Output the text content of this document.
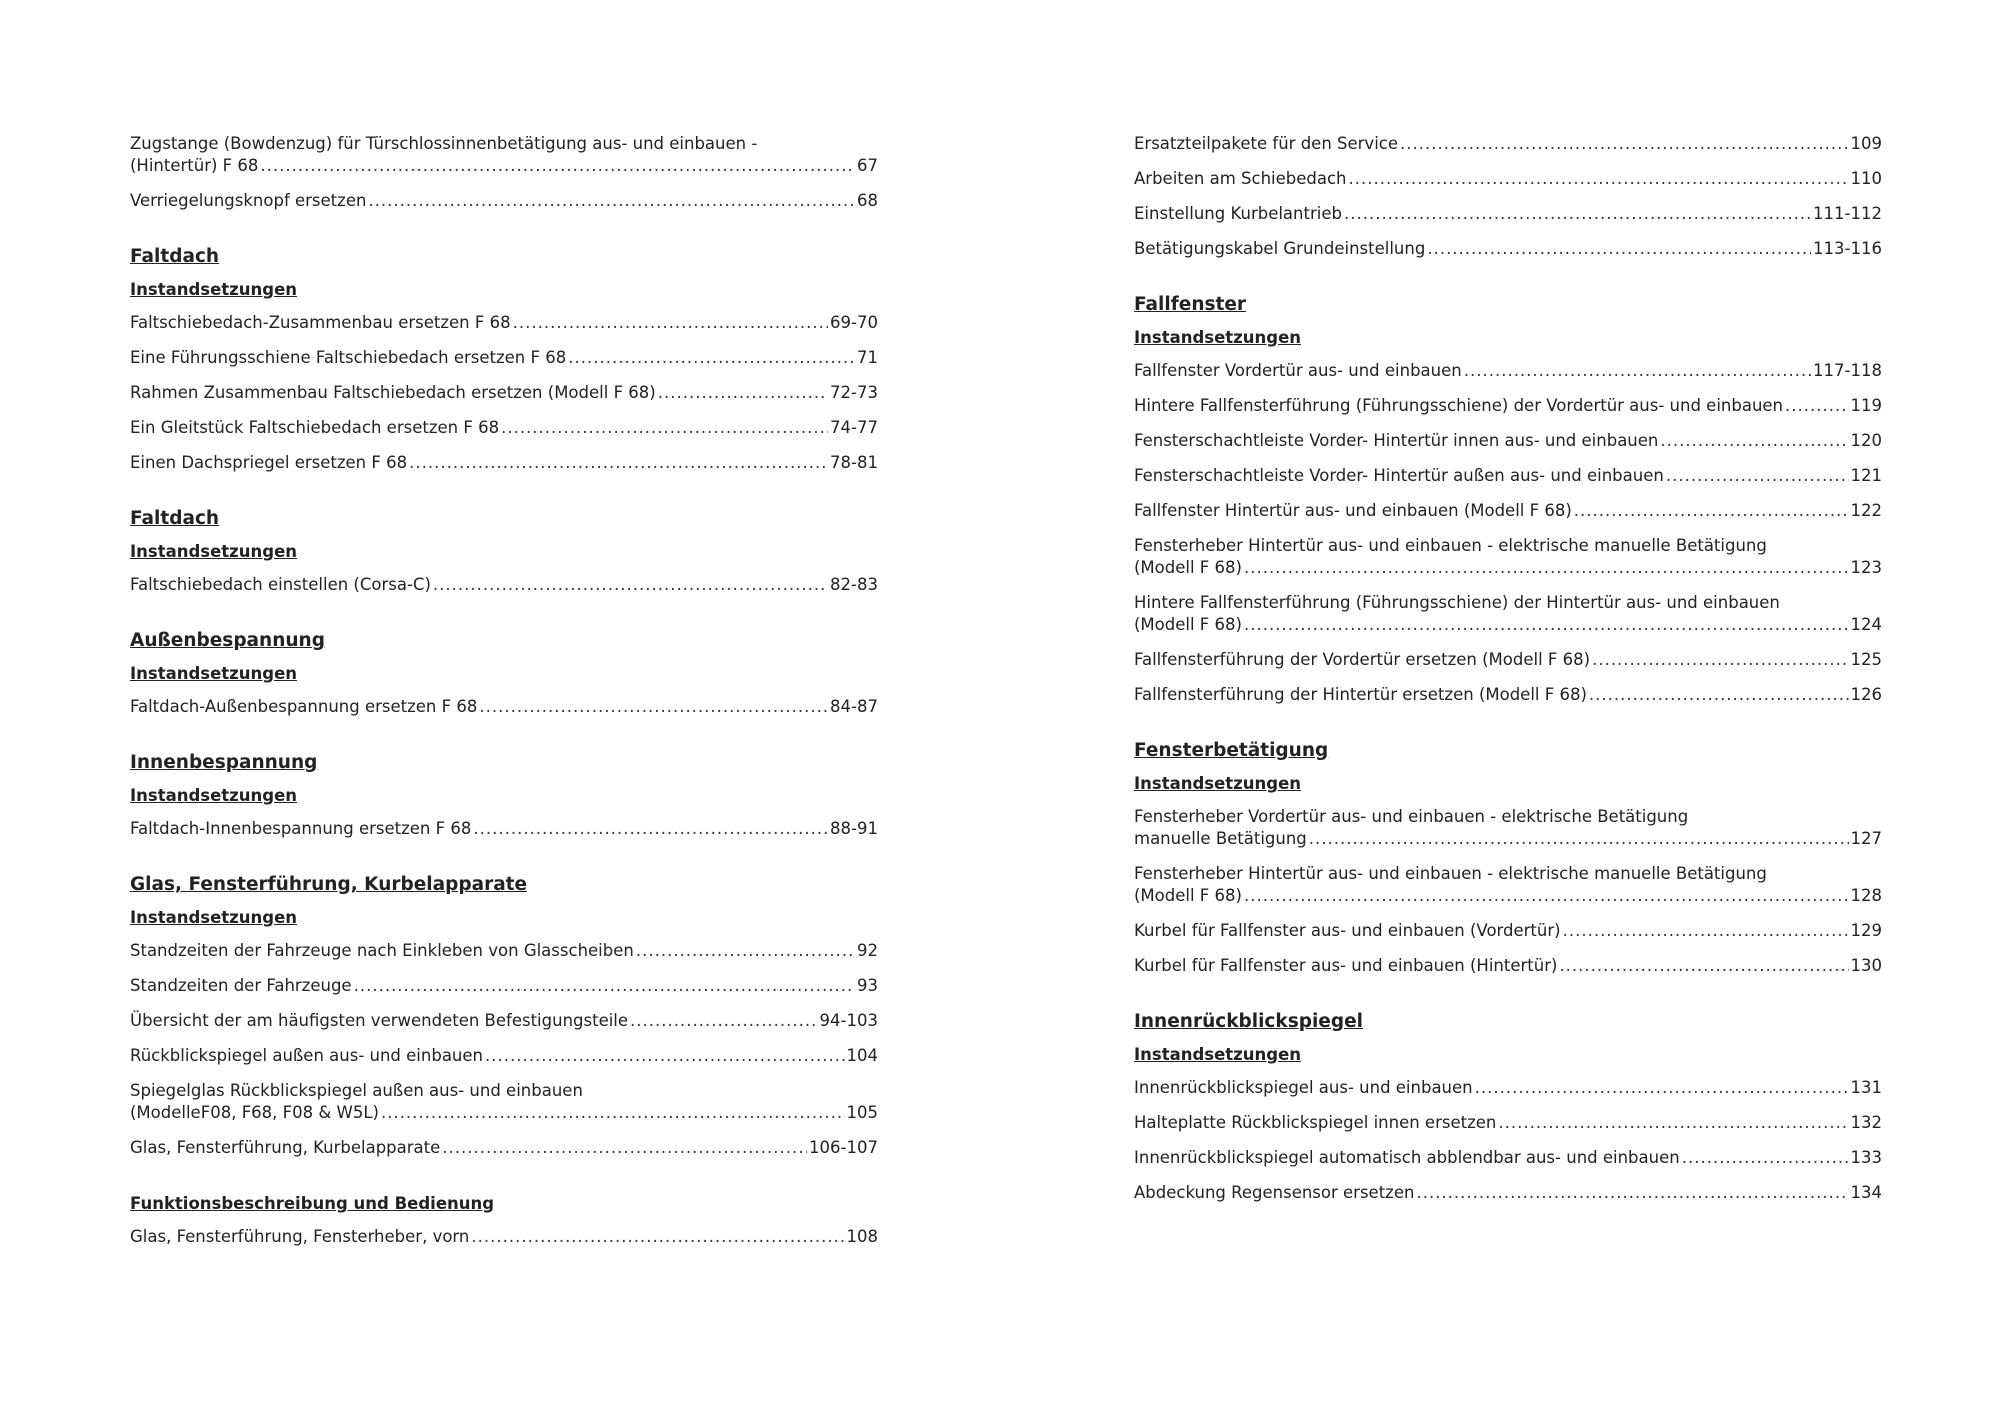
Zugstange (Bowdenzug) für Türschlossinnenbetätigung aus- und einbauen -
(Hintertür) F 68 .....	67
Verriegelungsknopf ersetzen .....	68
Faltdach
Instandsetzungen
Faltschiebedach-Zusammenbau ersetzen F 68 .....	69-70
Eine Führungsschiene Faltschiebedach ersetzen F 68 .....	71
Rahmen Zusammenbau Faltschiebedach ersetzen (Modell F 68) .....	72-73
Ein Gleitstück Faltschiebedach ersetzen F 68 .....	74-77
Einen Dachspriegel ersetzen F 68 .....	78-81
Faltdach
Instandsetzungen
Faltschiebedach einstellen (Corsa-C) .....	82-83
Außenbespannung
Instandsetzungen
Faltdach-Außenbespannung ersetzen F 68 .....	84-87
Innenbespannung
Instandsetzungen
Faltdach-Innenbespannung ersetzen F 68 .....	88-91
Glas, Fensterführung, Kurbelapparate
Instandsetzungen
Standzeiten der Fahrzeuge nach Einkleben von Glasscheiben .....	92
Standzeiten der Fahrzeuge .....	93
Übersicht der am häufigsten verwendeten Befestigungsteile .....	94-103
Rückblickspiegel außen aus- und einbauen .....	104
Spiegelglas Rückblickspiegel außen aus- und einbauen
(ModelleF08, F68, F08 & W5L) .....	105
Glas, Fensterführung, Kurbelapparate .....	106-107
Funktionsbeschreibung und Bedienung
Glas, Fensterführung, Fensterheber, vorn .....	108
Ersatzteilpakete für den Service .....	109
Arbeiten am Schiebedach .....	110
Einstellung Kurbelantrieb .....	111-112
Betätigungskabel Grundeinstellung .....	113-116
Fallfenster
Instandsetzungen
Fallfenster Vordertür aus- und einbauen .....	117-118
Hintere Fallfensterführung (Führungsschiene) der Vordertür aus- und einbauen .....	119
Fensterschachtleiste Vorder- Hintertür innen aus- und einbauen .....	120
Fensterschachtleiste Vorder- Hintertür außen aus- und einbauen .....	121
Fallfenster Hintertür aus- und einbauen (Modell F 68) .....	122
Fensterheber Hintertür aus- und einbauen - elektrische manuelle Betätigung
(Modell F 68) .....	123
Hintere Fallfensterführung (Führungsschiene) der Hintertür aus- und einbauen
(Modell F 68) .....	124
Fallfensterführung der Vordertür ersetzen (Modell F 68) .....	125
Fallfensterführung der Hintertür ersetzen (Modell F 68) .....	126
Fensterbetätigung
Instandsetzungen
Fensterheber Vordertür aus- und einbauen - elektrische Betätigung
manuelle Betätigung .....	127
Fensterheber Hintertür aus- und einbauen - elektrische manuelle Betätigung
(Modell F 68) .....	128
Kurbel für Fallfenster aus- und einbauen (Vordertür) .....	129
Kurbel für Fallfenster aus- und einbauen (Hintertür) .....	130
Innenrückblickspiegel
Instandsetzungen
Innenrückblickspiegel aus- und einbauen .....	131
Halteplatte Rückblickspiegel innen ersetzen .....	132
Innenrückblickspiegel automatisch abblendbar aus- und einbauen .....	133
Abdeckung Regensensor ersetzen .....	134
